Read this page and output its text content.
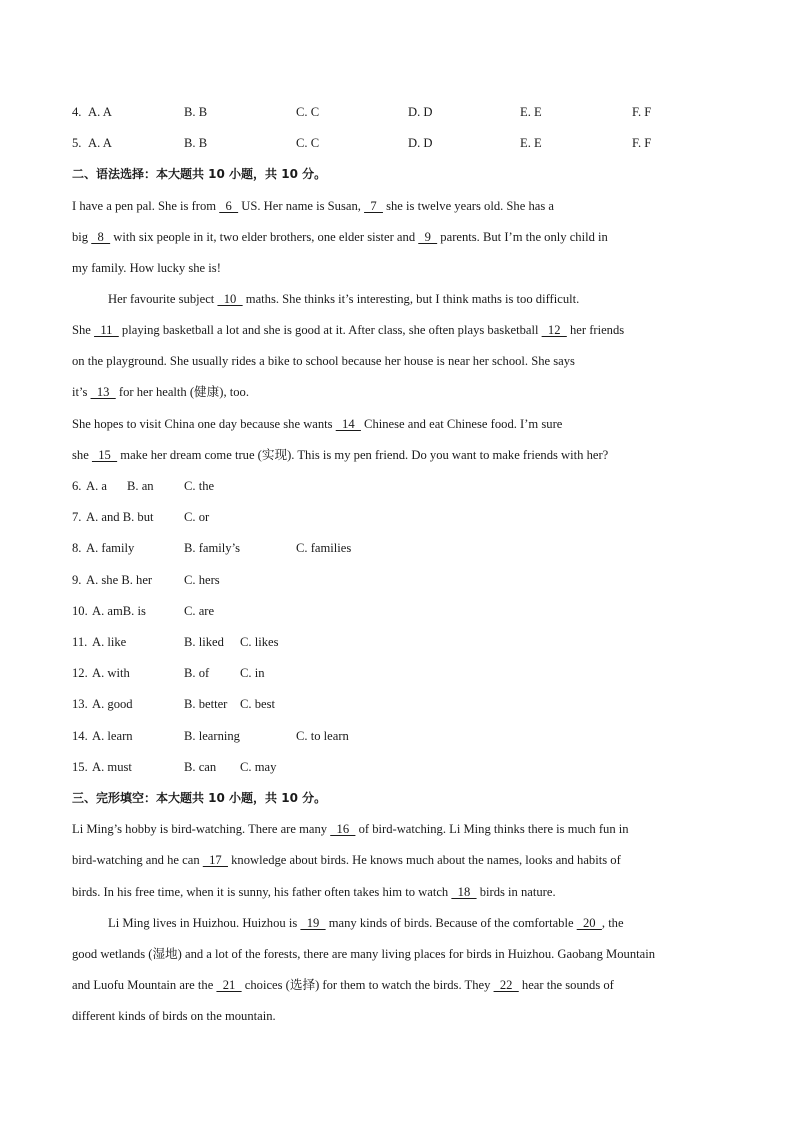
4. A. A	B. B	C. C	D. D	E. E	F. F
5. A. A	B. B	C. C	D. D	E. E	F. F
二、语法选择：本大题共 10 小题，共 10 分。
I have a pen pal. She is from   6   US. Her name is Susan,   7   she is twelve years old. She has a
big   8   with six people in it, two elder brothers, one elder sister and   9   parents. But I’m the only child in
my family. How lucky she is!
Her favourite subject   10   maths. She thinks it’s interesting, but I think maths is too difficult.
She   11   playing basketball a lot and she is good at it. After class, she often plays basketball   12   her friends
on the playground. She usually rides a bike to school because her house is near her school. She says
it’s   13   for her health (健康), too.
She hopes to visit China one day because she wants   14   Chinese and eat Chinese food. I’m sure
she   15   make her dream come true (实现). This is my pen friend. Do you want to make friends with her?
6. A. a B. an C. the
7. A. and B. but C. or
8. A. family	B. family’s	C. families
9. A. she B. her	C. hers
10. A. amB. is	C. are
11. A. like	B. liked C. likes
12. A. with	B. of C. in
13. A. good	B. better C. best
14. A. learn	B. learning	C. to learn
15. A. must	B. can C. may
三、完形填空：本大题共 10 小题，共 10 分。
Li Ming’s hobby is bird-watching. There are many   16   of bird-watching. Li Ming thinks there is much fun in
bird-watching and he can   17   knowledge about birds. He knows much about the names, looks and habits of
birds. In his free time, when it is sunny, his father often takes him to watch   18   birds in nature.
Li Ming lives in Huizhou. Huizhou is   19   many kinds of birds. Because of the comfortable   20  , the
good wetlands (湿地) and a lot of the forests, there are many living places for birds in Huizhou. Gaobang Mountain
and Luofu Mountain are the   21   choices (选择) for them to watch the birds. They   22   hear the sounds of
different kinds of birds on the mountain.
